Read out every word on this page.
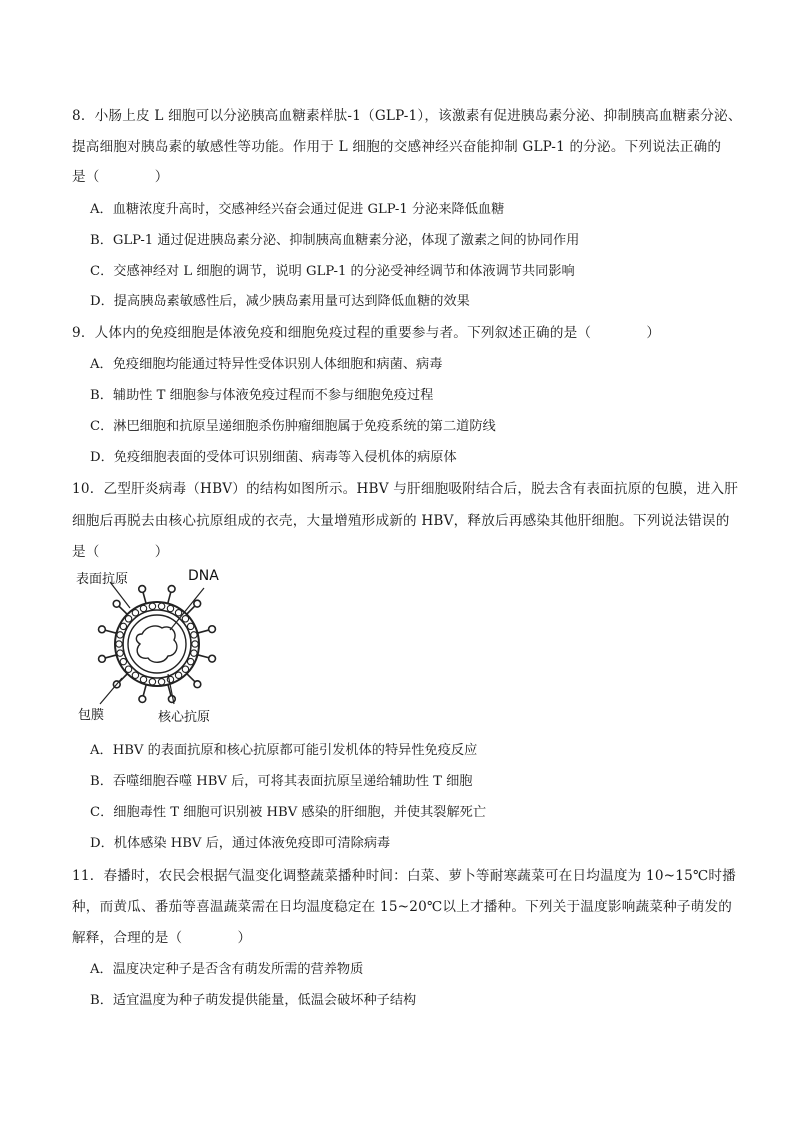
8．小肠上皮 L 细胞可以分泌胰高血糖素样肽-1（GLP-1），该激素有促进胰岛素分泌、抑制胰高血糖素分泌、
提高细胞对胰岛素的敏感性等功能。作用于 L 细胞的交感神经兴奋能抑制 GLP-1 的分泌。下列说法正确的
是（　　　　）
A．血糖浓度升高时，交感神经兴奋会通过促进 GLP-1 分泌来降低血糖
B．GLP-1 通过促进胰岛素分泌、抑制胰高血糖素分泌，体现了激素之间的协同作用
C．交感神经对 L 细胞的调节，说明 GLP-1 的分泌受神经调节和体液调节共同影响
D．提高胰岛素敏感性后，减少胰岛素用量可达到降低血糖的效果
9．人体内的免疫细胞是体液免疫和细胞免疫过程的重要参与者。下列叙述正确的是（　　　　）
A．免疫细胞均能通过特异性受体识别人体细胞和病菌、病毒
B．辅助性 T 细胞参与体液免疫过程而不参与细胞免疫过程
C．淋巴细胞和抗原呈递细胞杀伤肿瘤细胞属于免疫系统的第二道防线
D．免疫细胞表面的受体可识别细菌、病毒等入侵机体的病原体
10．乙型肝炎病毒（HBV）的结构如图所示。HBV 与肝细胞吸附结合后，脱去含有表面抗原的包膜，进入肝
细胞后再脱去由核心抗原组成的衣壳，大量增殖形成新的 HBV，释放后再感染其他肝细胞。下列说法错误的
是（　　　　）
表面抗原	DNA
包膜	核心抗原
A．HBV 的表面抗原和核心抗原都可能引发机体的特异性免疫反应
B．吞噬细胞吞噬 HBV 后，可将其表面抗原呈递给辅助性 T 细胞
C．细胞毒性 T 细胞可识别被 HBV 感染的肝细胞，并使其裂解死亡
D．机体感染 HBV 后，通过体液免疫即可清除病毒
11．春播时，农民会根据气温变化调整蔬菜播种时间：白菜、萝卜等耐寒蔬菜可在日均温度为 10~15℃时播
种，而黄瓜、番茄等喜温蔬菜需在日均温度稳定在 15~20℃以上才播种。下列关于温度影响蔬菜种子萌发的
解释，合理的是（　　　　）
A．温度决定种子是否含有萌发所需的营养物质
B．适宜温度为种子萌发提供能量，低温会破坏种子结构
